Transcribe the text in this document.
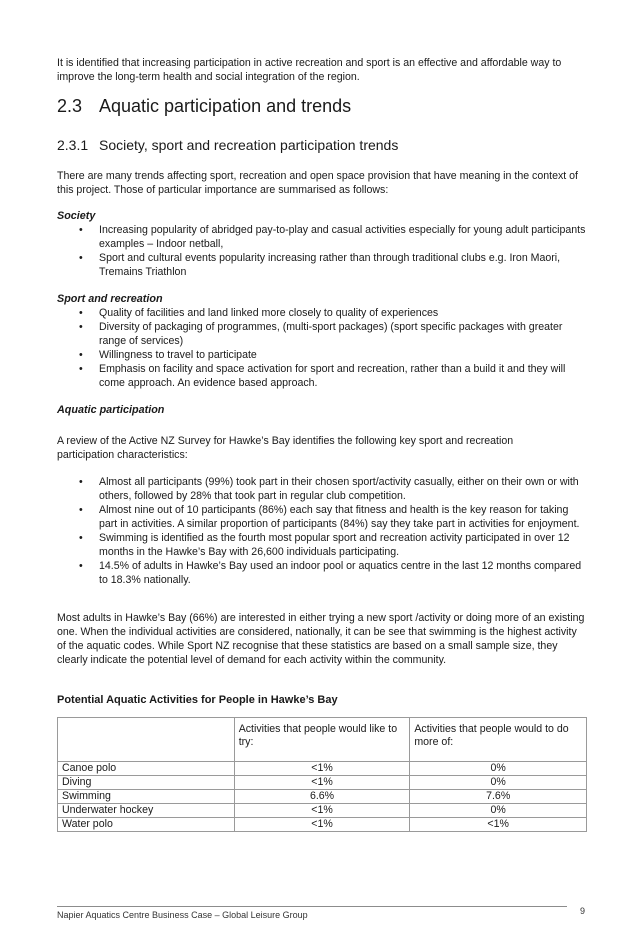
It is identified that increasing participation in active recreation and sport is an effective and affordable way to improve the long-term health and social integration of the region.

2.3 Aquatic participation and trends
2.3.1 Society, sport and recreation participation trends

There are many trends affecting sport, recreation and open space provision that have meaning in the context of this project. Those of particular importance are summarised as follows:

Society

• Increasing popularity of abridged pay-to-play and casual activities especially for young adult participants examples – Indoor netball,
• Sport and cultural events popularity increasing rather than through traditional clubs e.g. Iron Maori, Tremains Triathlon

Sport and recreation

• Quality of facilities and land linked more closely to quality of experiences
• Diversity of packaging of programmes, (multi-sport packages) (sport specific packages with greater range of services)
• Willingness to travel to participate
• Emphasis on facility and space activation for sport and recreation, rather than a build it and they will come approach. An evidence based approach.

Aquatic participation

A review of the Active NZ Survey for Hawke’s Bay identifies the following key sport and recreation participation characteristics:

• Almost all participants (99%) took part in their chosen sport/activity casually, either on their own or with others, followed by 28% that took part in regular club competition.
• Almost nine out of 10 participants (86%) each say that fitness and health is the key reason for taking part in activities. A similar proportion of participants (84%) say they take part in activities for enjoyment.
• Swimming is identified as the fourth most popular sport and recreation activity participated in over 12 months in the Hawke’s Bay with 26,600 individuals participating.
• 14.5% of adults in Hawke’s Bay used an indoor pool or aquatics centre in the last 12 months compared to 18.3% nationally.

Most adults in Hawke’s Bay (66%) are interested in either trying a new sport /activity or doing more of an existing one. When the individual activities are considered, nationally, it can be see that swimming is the highest activity of the aquatic codes. While Sport NZ recognise that these statistics are based on a small sample size, they clearly indicate the potential level of demand for each activity within the community.

Potential Aquatic Activities for People in Hawke’s Bay

	Activities that people would like to try:	Activities that people would to do more of:
Canoe polo	<1%	0%
Diving	<1%	0%
Swimming	6.6%	7.6%
Underwater hockey	<1%	0%
Water polo	<1%	<1%
Napier Aquatics Centre Business Case – Global Leisure Group	9
